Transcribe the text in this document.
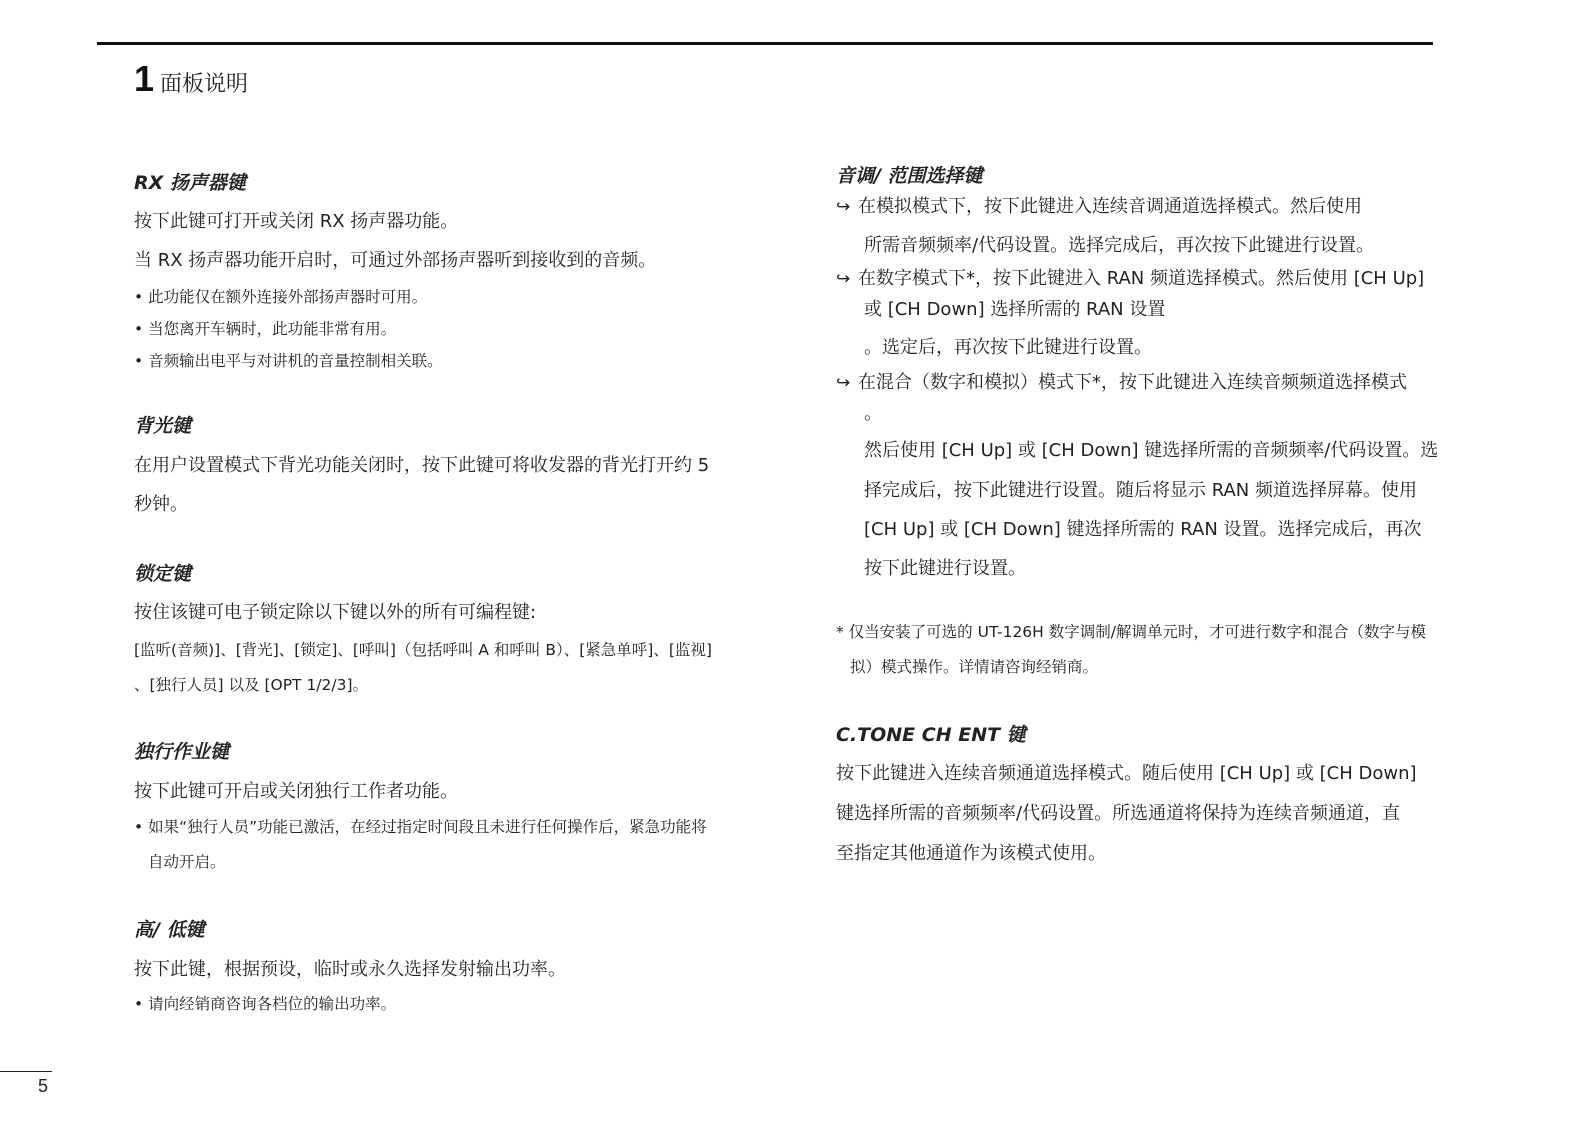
1 面板说明
RX 扬声器键
按下此键可打开或关闭 RX 扬声器功能。
当 RX 扬声器功能开启时，可通过外部扬声器听到接收到的音频。
• 此功能仅在额外连接外部扬声器时可用。
• 当您离开车辆时，此功能非常有用。
• 音频输出电平与对讲机的音量控制相关联。
背光键
在用户设置模式下背光功能关闭时，按下此键可将收发器的背光打开约 5
秒钟。
锁定键
按住该键可电子锁定除以下键以外的所有可编程键:
[监听(音频)]、[背光]、[锁定]、[呼叫]（包括呼叫 A 和呼叫 B）、[紧急单呼]、[监视]
、[独行人员] 以及 [OPT 1/2/3]。
独行作业键
按下此键可开启或关闭独行工作者功能。
• 如果“独行人员”功能已激活，在经过指定时间段且未进行任何操作后，紧急功能将
自动开启。
高/ 低键
按下此键，根据预设，临时或永久选择发射输出功率。
• 请向经销商咨询各档位的输出功率。
音调/ 范围选择键
↪ 在模拟模式下，按下此键进入连续音调通道选择模式。然后使用
所需音频频率/代码设置。选择完成后，再次按下此键进行设置。
↪ 在数字模式下*，按下此键进入 RAN 频道选择模式。然后使用 [CH Up]
或 [CH Down] 选择所需的 RAN 设置
。选定后，再次按下此键进行设置。
↪ 在混合（数字和模拟）模式下*，按下此键进入连续音频频道选择模式
。
然后使用 [CH Up] 或 [CH Down] 键选择所需的音频频率/代码设置。选
择完成后，按下此键进行设置。随后将显示 RAN 频道选择屏幕。使用
[CH Up] 或 [CH Down] 键选择所需的 RAN 设置。选择完成后，再次
按下此键进行设置。
* 仅当安装了可选的 UT-126H 数字调制/解调单元时，才可进行数字和混合（数字与模
拟）模式操作。详情请咨询经销商。
C.TONE CH ENT 键
按下此键进入连续音频通道选择模式。随后使用 [CH Up] 或 [CH Down]
键选择所需的音频频率/代码设置。所选通道将保持为连续音频通道，直
至指定其他通道作为该模式使用。
5
